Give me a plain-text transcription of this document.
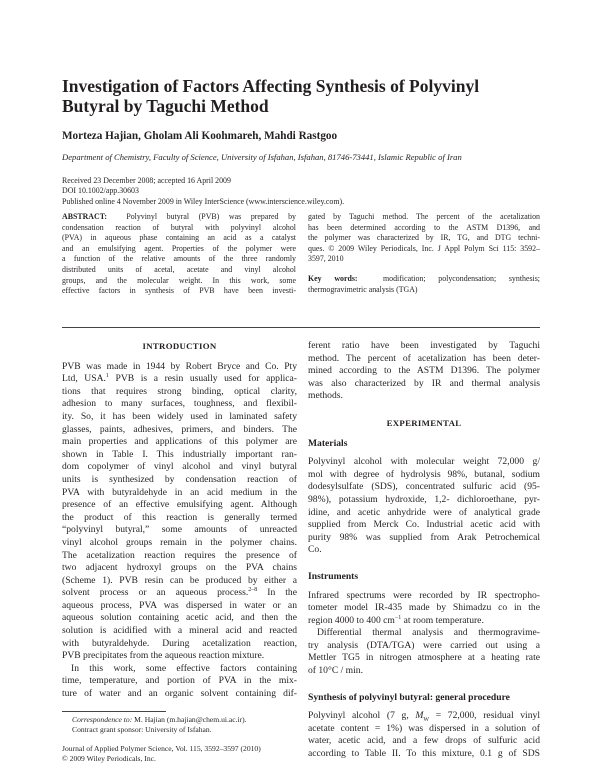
Investigation of Factors Affecting Synthesis of Polyvinyl
Butyral by Taguchi Method
Morteza Hajian, Gholam Ali Koohmareh, Mahdi Rastgoo
Department of Chemistry, Faculty of Science, University of Isfahan, Isfahan, 81746-73441, Islamic Republic of Iran
Received 23 December 2008; accepted 16 April 2009
DOI 10.1002/app.30603
Published online 4 November 2009 in Wiley InterScience (www.interscience.wiley.com).
ABSTRACT: Polyvinyl butyral (PVB) was prepared by
condensation reaction of butyral with polyvinyl alcohol
(PVA) in aqueous phase containing an acid as a catalyst
and an emulsifying agent. Properties of the polymer were
a function of the relative amounts of the three randomly
distributed units of acetal, acetate and vinyl alcohol
groups, and the molecular weight. In this work, some
effective factors in synthesis of PVB have been investi-
gated by Taguchi method. The percent of the acetalization
has been determined according to the ASTM D1396, and
the polymer was characterized by IR, TG, and DTG techni-
ques. © 2009 Wiley Periodicals, Inc. J Appl Polym Sci 115: 3592–
3597, 2010
Key words:	modification; polycondensation; synthesis;
thermogravimetric analysis (TGA)
INTRODUCTION
PVB was made in 1944 by Robert Bryce and Co. Pty
Ltd, USA.$^1$ PVB is a resin usually used for applica-
tions that requires strong binding, optical clarity,
adhesion to many surfaces, toughness, and flexibil-
ity. So, it has been widely used in laminated safety
glasses, paints, adhesives, primers, and binders. The
main properties and applications of this polymer are
shown in Table I. This industrially important ran-
dom copolymer of vinyl alcohol and vinyl butyral
units is synthesized by condensation reaction of
PVA with butyraldehyde in an acid medium in the
presence of an effective emulsifying agent. Although
the product of this reaction is generally termed
“polyvinyl butyral,” some amounts of unreacted
vinyl alcohol groups remain in the polymer chains.
The acetalization reaction requires the presence of
two adjacent hydroxyl groups on the PVA chains
(Scheme 1). PVB resin can be produced by either a
solvent process or an aqueous process.$^{2-8}$ In the
aqueous process, PVA was dispersed in water or an
aqueous solution containing acetic acid, and then the
solution is acidified with a mineral acid and reacted
with butyraldehyde. During acetalization reaction,
PVB precipitates from the aqueous reaction mixture.
In this work, some effective factors containing
time, temperature, and portion of PVA in the mix-
ture of water and an organic solvent containing dif-
ferent ratio have been investigated by Taguchi
method. The percent of acetalization has been deter-
mined according to the ASTM D1396. The polymer
was also characterized by IR and thermal analysis
methods.
EXPERIMENTAL
Materials
Polyvinyl alcohol with molecular weight 72,000 g/
mol with degree of hydrolysis 98%, butanal, sodium
dodesylsulfate (SDS), concentrated sulfuric acid (95-
98%), potassium hydroxide, 1,2- dichloroethane, pyr-
idine, and acetic anhydride were of analytical grade
supplied from Merck Co. Industrial acetic acid with
purity 98% was supplied from Arak Petrochemical
Co.
Instruments
Infrared spectrums were recorded by IR spectropho-
tometer model IR-435 made by Shimadzu co in the
region 4000 to 400 $cm^{-1}$ at room temperature.
Differential thermal analysis and thermogravime-
try analysis (DTA/TGA) were carried out using a
Mettler TG5 in nitrogen atmosphere at a heating rate
of 10°C / min.
Synthesis of polyvinyl butyral: general procedure
Polyvinyl alcohol (7 g, $M_W = 72,000$, residual vinyl
acetate content = 1%) was dispersed in a solution of
water, acetic acid, and a few drops of sulfuric acid
according to Table II. To this mixture, 0.1 g of SDS
Correspondence to: M. Hajian (m.hajian@chem.ui.ac.ir).
Contract grant sponsor: University of Isfahan.
Journal of Applied Polymer Science, Vol. 115, 3592–3597 (2010)
© 2009 Wiley Periodicals, Inc.
